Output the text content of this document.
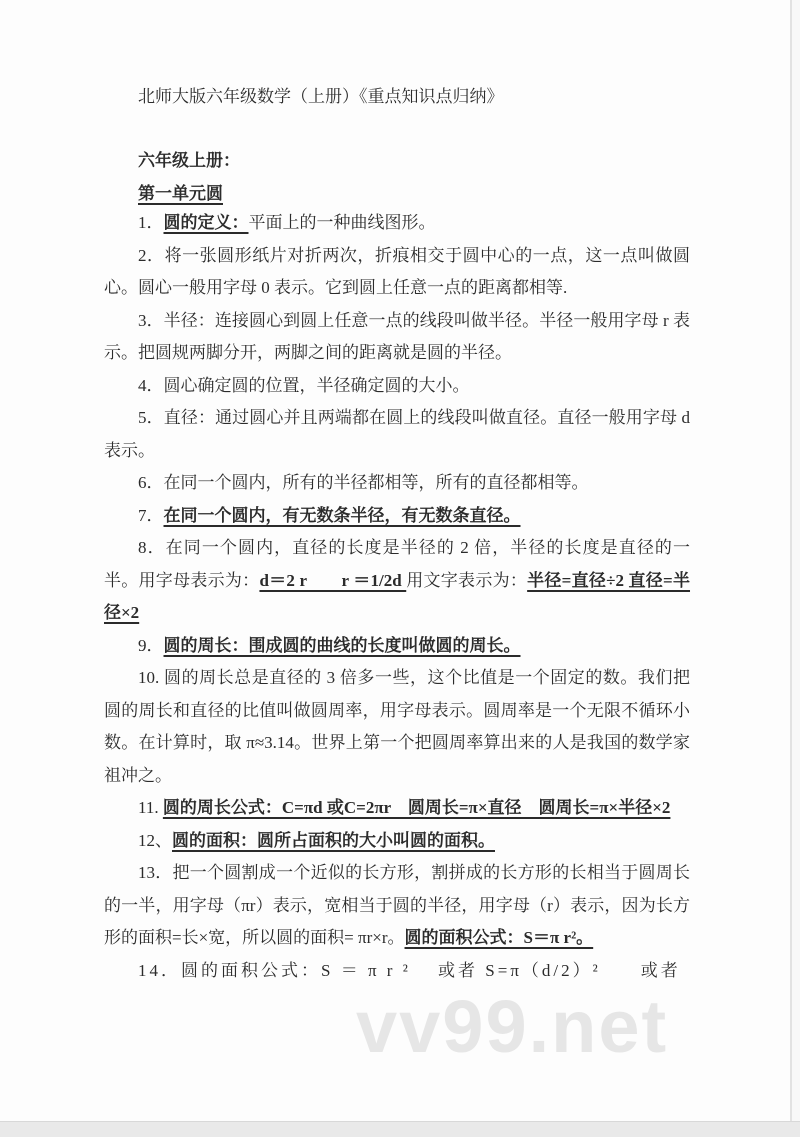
vv99.net

北师大版六年级数学（上册）《重点知识点归纳》

六年级上册：

第一单元圆

1．圆的定义：平面上的一种曲线图形。

2．将一张圆形纸片对折两次，折痕相交于圆中心的一点，这一点叫做圆心。圆心一般用字母 0 表示。它到圆上任意一点的距离都相等.

3．半径：连接圆心到圆上任意一点的线段叫做半径。半径一般用字母 r 表示。把圆规两脚分开，两脚之间的距离就是圆的半径。

4．圆心确定圆的位置，半径确定圆的大小。

5．直径：通过圆心并且两端都在圆上的线段叫做直径。直径一般用字母 d 表示。

6．在同一个圆内，所有的半径都相等，所有的直径都相等。

7．在同一个圆内，有无数条半径，有无数条直径。

8．在同一个圆内，直径的长度是半径的 2 倍，半径的长度是直径的一半。用字母表示为：d＝2 r　　r ＝1/2d 用文字表示为：半径=直径÷2 直径=半径×2

9．圆的周长：围成圆的曲线的长度叫做圆的周长。

10. 圆的周长总是直径的 3 倍多一些，这个比值是一个固定的数。我们把圆的周长和直径的比值叫做圆周率，用字母表示。圆周率是一个无限不循环小数。在计算时，取 π≈3.14。世界上第一个把圆周率算出来的人是我国的数学家祖冲之。

11. 圆的周长公式：C=πd 或C=2πr　圆周长=π×直径　圆周长=π×半径×2

12、圆的面积：圆所占面积的大小叫圆的面积。

13．把一个圆割成一个近似的长方形，割拼成的长方形的长相当于圆周长的一半，用字母（πr）表示，宽相当于圆的半径，用字母（r）表示，因为长方形的面积=长×宽，所以圆的面积= πr×r。圆的面积公式：S＝π r²。

14．圆的面积公式：S ＝ π r ²　 或者 S=π（d/2）²　　或者
